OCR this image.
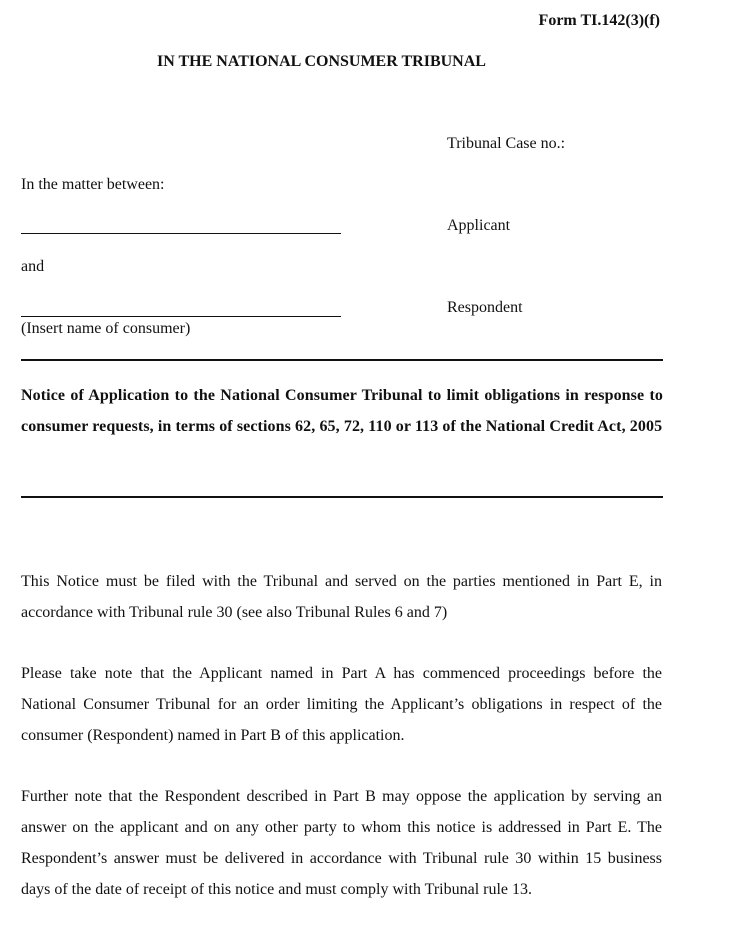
Form TI.142(3)(f)
IN THE NATIONAL CONSUMER TRIBUNAL
Tribunal Case no.:
In the matter between:
Applicant
and
Respondent
(Insert name of consumer)
Notice of Application to the National Consumer Tribunal to limit obligations in response to consumer requests, in terms of sections 62, 65, 72, 110 or 113 of the National Credit Act, 2005
This Notice must be filed with the Tribunal and served on the parties mentioned in Part E, in accordance with Tribunal rule 30 (see also Tribunal Rules 6 and 7)
Please take note that the Applicant named in Part A has commenced proceedings before the National Consumer Tribunal for an order limiting the Applicant’s obligations in respect of the consumer (Respondent) named in Part B of this application.
Further note that the Respondent described in Part B may oppose the application by serving an answer on the applicant and on any other party to whom this notice is addressed in Part E. The Respondent’s answer must be delivered in accordance with Tribunal rule 30 within 15 business days of the date of receipt of this notice and must comply with Tribunal rule 13.
